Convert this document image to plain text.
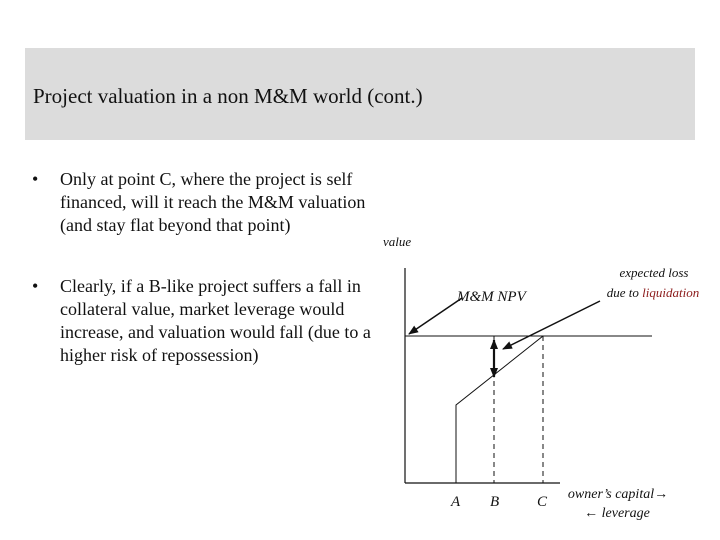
Project valuation in a non M&M world (cont.)
• Only at point C, where the project is self
financed, will it reach the M&M valuation
(and stay flat beyond that point)
• Clearly, if a B-like project suffers a fall in
collateral value, market leverage would
increase, and valuation would fall (due to a
higher risk of repossession)
value
M&M NPV
expected loss
due to liquidation
A B	C owner’s capital→
← leverage
